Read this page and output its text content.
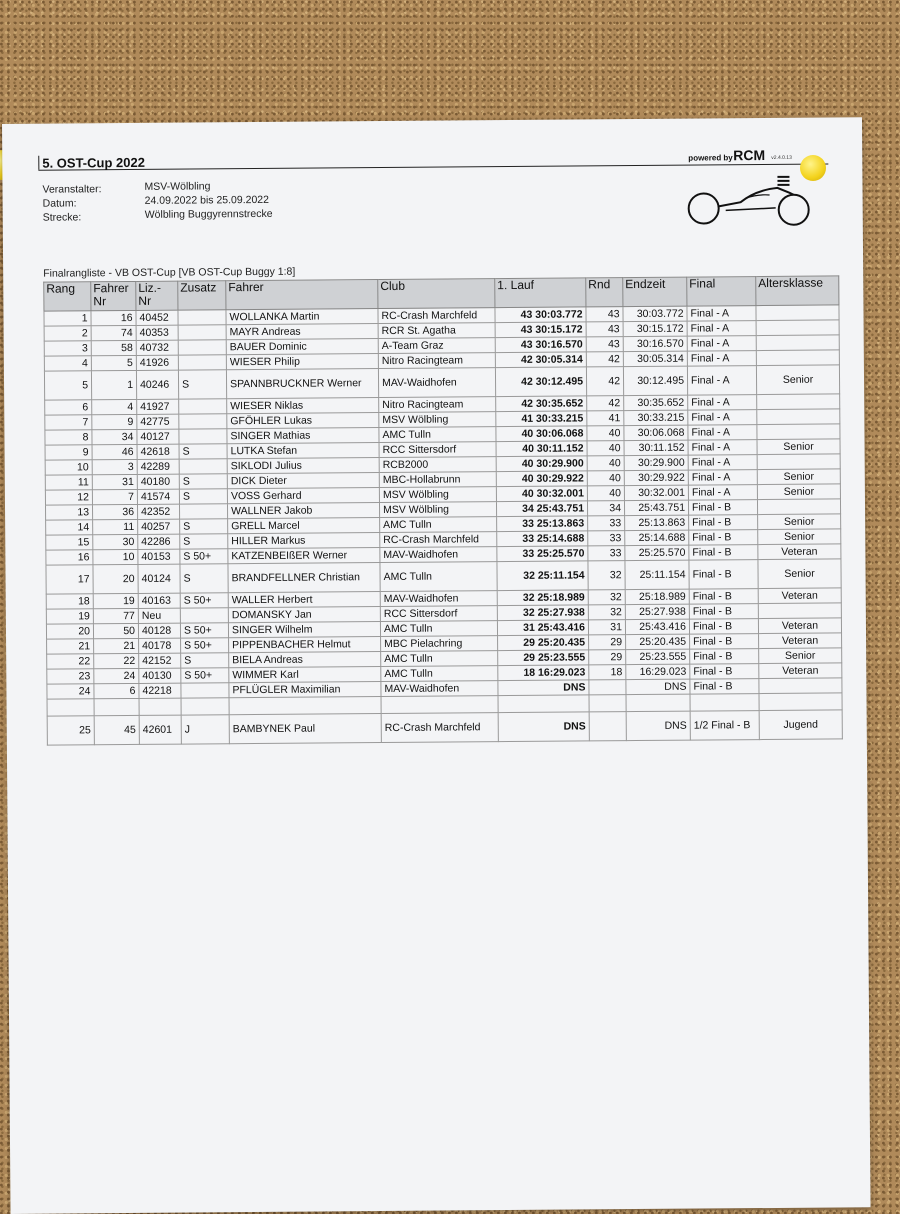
5. OST-Cup 2022	powered by RCM v2.4.0.13
Veranstalter:	MSV-Wölbling
Datum:	24.09.2022 bis 25.09.2022
Strecke:	Wölbling Buggyrennstrecke
Finalrangliste - VB OST-Cup [VB OST-Cup Buggy 1:8]
Rang	Fahrer Nr	Liz.- Nr	Zusatz	Fahrer	Club	1. Lauf	Rnd	Endzeit	Final	Altersklasse
1	16	40452		WOLLANKA Martin	RC-Crash Marchfeld	43 30:03.772	43	30:03.772	Final - A	
2	74	40353		MAYR Andreas	RCR St. Agatha	43 30:15.172	43	30:15.172	Final - A	
3	58	40732		BAUER Dominic	A-Team Graz	43 30:16.570	43	30:16.570	Final - A	
4	5	41926		WIESER Philip	Nitro Racingteam	42 30:05.314	42	30:05.314	Final - A	
5	1	40246	S	SPANNBRUCKNER Werner	MAV-Waidhofen	42 30:12.495	42	30:12.495	Final - A	Senior
6	4	41927		WIESER Niklas	Nitro Racingteam	42 30:35.652	42	30:35.652	Final - A	
7	9	42775		GFÖHLER Lukas	MSV Wölbling	41 30:33.215	41	30:33.215	Final - A	
8	34	40127		SINGER Mathias	AMC Tulln	40 30:06.068	40	30:06.068	Final - A	
9	46	42618	S	LUTKA Stefan	RCC Sittersdorf	40 30:11.152	40	30:11.152	Final - A	Senior
10	3	42289		SIKLODI Julius	RCB2000	40 30:29.900	40	30:29.900	Final - A	
11	31	40180	S	DICK Dieter	MBC-Hollabrunn	40 30:29.922	40	30:29.922	Final - A	Senior
12	7	41574	S	VOSS Gerhard	MSV Wölbling	40 30:32.001	40	30:32.001	Final - A	Senior
13	36	42352		WALLNER Jakob	MSV Wölbling	34 25:43.751	34	25:43.751	Final - B	
14	11	40257	S	GRELL Marcel	AMC Tulln	33 25:13.863	33	25:13.863	Final - B	Senior
15	30	42286	S	HILLER Markus	RC-Crash Marchfeld	33 25:14.688	33	25:14.688	Final - B	Senior
16	10	40153	S 50+	KATZENBEIßER Werner	MAV-Waidhofen	33 25:25.570	33	25:25.570	Final - B	Veteran
17	20	40124	S	BRANDFELLNER Christian	AMC Tulln	32 25:11.154	32	25:11.154	Final - B	Senior
18	19	40163	S 50+	WALLER Herbert	MAV-Waidhofen	32 25:18.989	32	25:18.989	Final - B	Veteran
19	77	Neu		DOMANSKY Jan	RCC Sittersdorf	32 25:27.938	32	25:27.938	Final - B	
20	50	40128	S 50+	SINGER Wilhelm	AMC Tulln	31 25:43.416	31	25:43.416	Final - B	Veteran
21	21	40178	S 50+	PIPPENBACHER Helmut	MBC Pielachring	29 25:20.435	29	25:20.435	Final - B	Veteran
22	22	42152	S	BIELA Andreas	AMC Tulln	29 25:23.555	29	25:23.555	Final - B	Senior
23	24	40130	S 50+	WIMMER Karl	AMC Tulln	18 16:29.023	18	16:29.023	Final - B	Veteran
24	6	42218		PFLÜGLER Maximilian	MAV-Waidhofen	DNS		DNS	Final - B	

25	45	42601	J	BAMBYNEK Paul	RC-Crash Marchfeld	DNS		DNS	1/2 Final - B	Jugend
